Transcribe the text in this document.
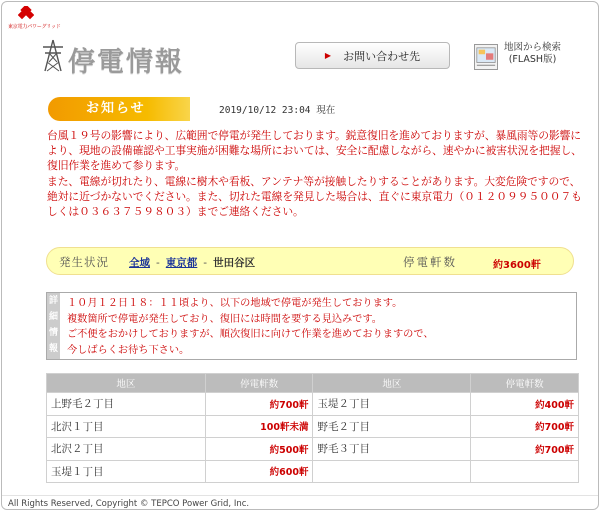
東京電力パワーグリッド
停電情報	▶ お問い合わせ先
地図から検索
(FLASH版)
お知らせ	2019/10/12 23:04 現在

台風１９号の影響により、広範囲で停電が発生しております。鋭意復旧を進めておりますが、暴風雨等の影響により、現地の設備確認や工事実施が困難な場所においては、安全に配慮しながら、速やかに被害状況を把握し、復旧作業を進めて参ります。

また、電線が切れたり、電線に樹木や看板、アンテナ等が接触したりすることがあります。大変危険ですので、絶対に近づかないでください。また、切れた電線を発見した場合は、直ぐに東京電力（０１２０９９５００７もしくは０３６３７５９８０３）までご連絡ください。

発生状況 全域 - 東京都 - 世田谷区	停電軒数	約3600軒
詳
細
情
報
１０月１２日１８：１１頃より、以下の地域で停電が発生しております。
複数箇所で停電が発生しており、復旧には時間を要する見込みです。
ご不便をおかけしておりますが、順次復旧に向けて作業を進めておりますので、
今しばらくお待ち下さい。
地区	停電軒数	地区	停電軒数
上野毛２丁目	約700軒	玉堤２丁目	約400軒
北沢１丁目	100軒未満	野毛２丁目	約700軒
北沢２丁目	約500軒	野毛３丁目	約700軒
玉堤１丁目	約600軒		
All Rights Reserved, Copyright © TEPCO Power Grid, Inc.
